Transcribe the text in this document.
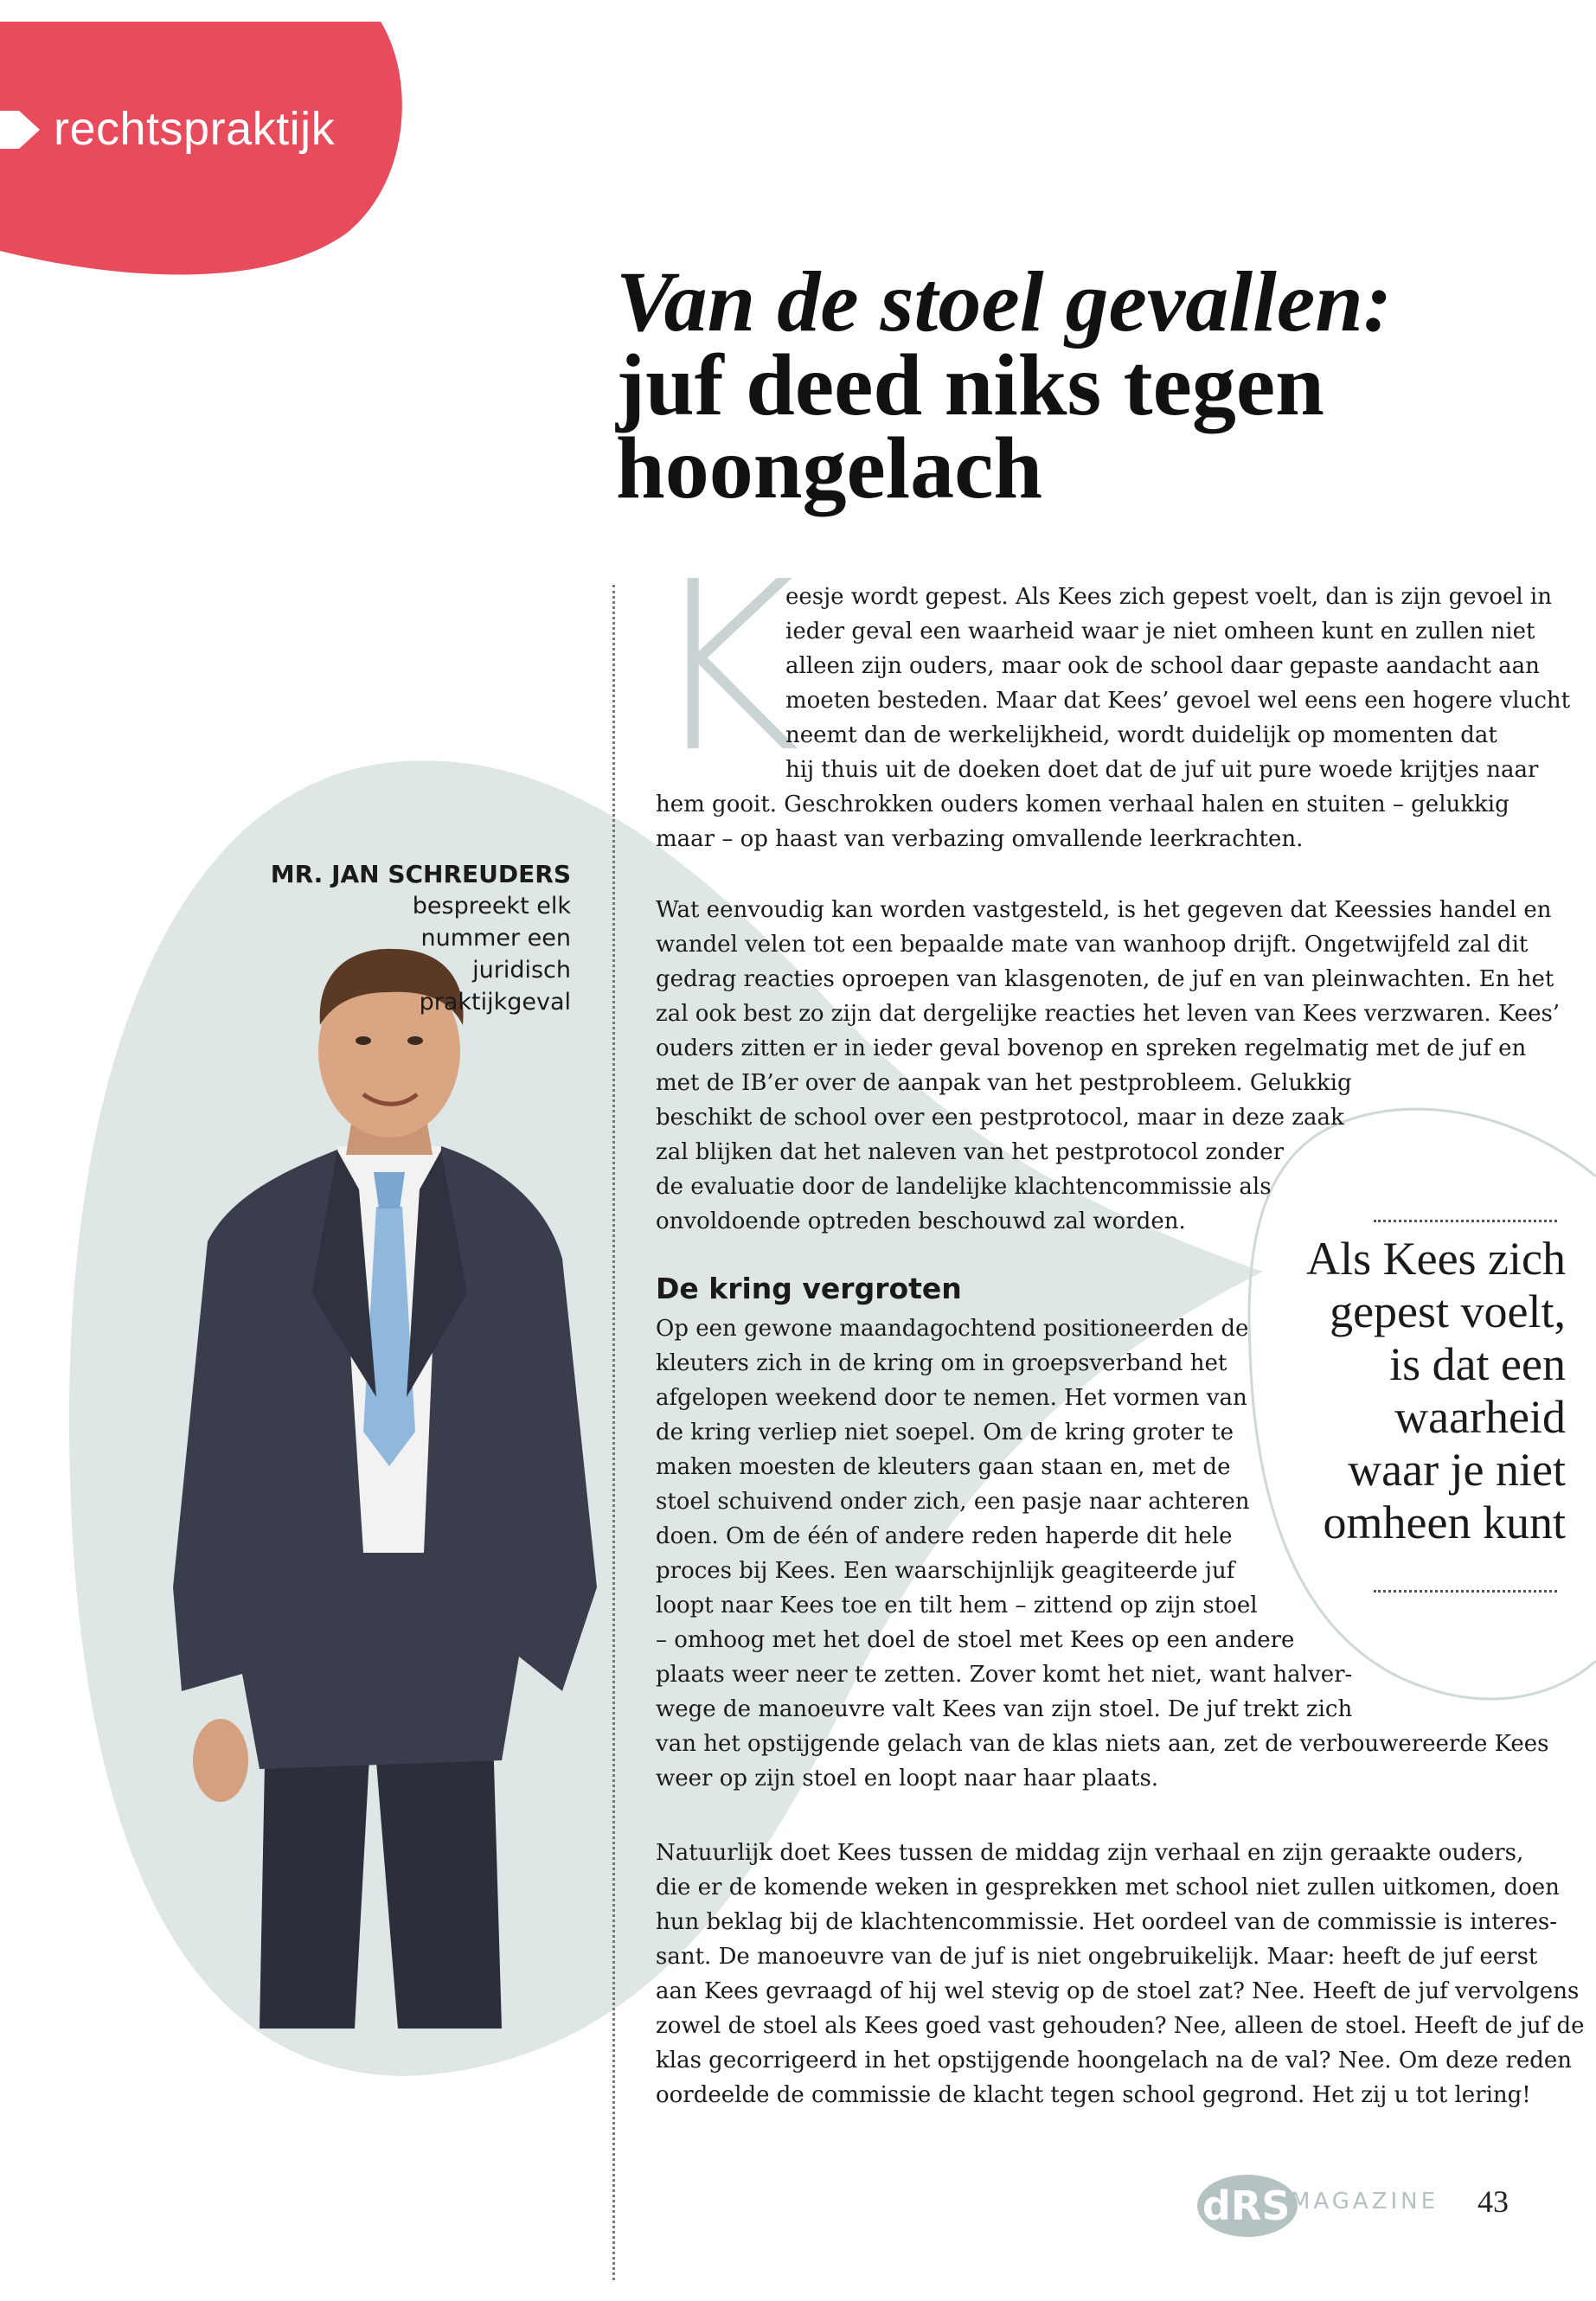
rechtspraktijk
Van de stoel gevallen:
juf deed niks tegen
hoongelach
MR. JAN SCHREUDERS
bespreekt elk
nummer een
juridisch
praktijkgeval
K
eesje wordt gepest. Als Kees zich gepest voelt, dan is zijn gevoel in
ieder geval een waarheid waar je niet omheen kunt en zullen niet
alleen zijn ouders, maar ook de school daar gepaste aandacht aan
moeten besteden. Maar dat Kees’ gevoel wel eens een hogere vlucht
neemt dan de werkelijkheid, wordt duidelijk op momenten dat
hij thuis uit de doeken doet dat de juf uit pure woede krijtjes naar
hem gooit. Geschrokken ouders komen verhaal halen en stuiten – gelukkig
maar – op haast van verbazing omvallende leerkrachten.
Wat eenvoudig kan worden vastgesteld, is het gegeven dat Keessies handel en
wandel velen tot een bepaalde mate van wanhoop drijft. Ongetwijfeld zal dit
gedrag reacties oproepen van klasgenoten, de juf en van pleinwachten. En het
zal ook best zo zijn dat dergelijke reacties het leven van Kees verzwaren. Kees’
ouders zitten er in ieder geval bovenop en spreken regelmatig met de juf en
met de IB’er over de aanpak van het pestprobleem. Gelukkig
beschikt de school over een pestprotocol, maar in deze zaak
zal blijken dat het naleven van het pestprotocol zonder
de evaluatie door de landelijke klachtencommissie als
onvoldoende optreden beschouwd zal worden.
De kring vergroten
Op een gewone maandagochtend positioneerden de
kleuters zich in de kring om in groepsverband het
afgelopen weekend door te nemen. Het vormen van
de kring verliep niet soepel. Om de kring groter te
maken moesten de kleuters gaan staan en, met de
stoel schuivend onder zich, een pasje naar achteren
doen. Om de één of andere reden haperde dit hele
proces bij Kees. Een waarschijnlijk geagiteerde juf
loopt naar Kees toe en tilt hem – zittend op zijn stoel
– omhoog met het doel de stoel met Kees op een andere
plaats weer neer te zetten. Zover komt het niet, want halver-
wege de manoeuvre valt Kees van zijn stoel. De juf trekt zich
van het opstijgende gelach van de klas niets aan, zet de verbouwereerde Kees
weer op zijn stoel en loopt naar haar plaats.
Natuurlijk doet Kees tussen de middag zijn verhaal en zijn geraakte ouders,
die er de komende weken in gesprekken met school niet zullen uitkomen, doen
hun beklag bij de klachtencommissie. Het oordeel van de commissie is interes-
sant. De manoeuvre van de juf is niet ongebruikelijk. Maar: heeft de juf eerst
aan Kees gevraagd of hij wel stevig op de stoel zat? Nee. Heeft de juf vervolgens
zowel de stoel als Kees goed vast gehouden? Nee, alleen de stoel. Heeft de juf de
klas gecorrigeerd in het opstijgende hoongelach na de val? Nee. Om deze reden
oordeelde de commissie de klacht tegen school gegrond. Het zij u tot lering!
Als Kees zich
gepest voelt,
is dat een
waarheid
waar je niet
omheen kunt
dRS MAGAZINE 43
